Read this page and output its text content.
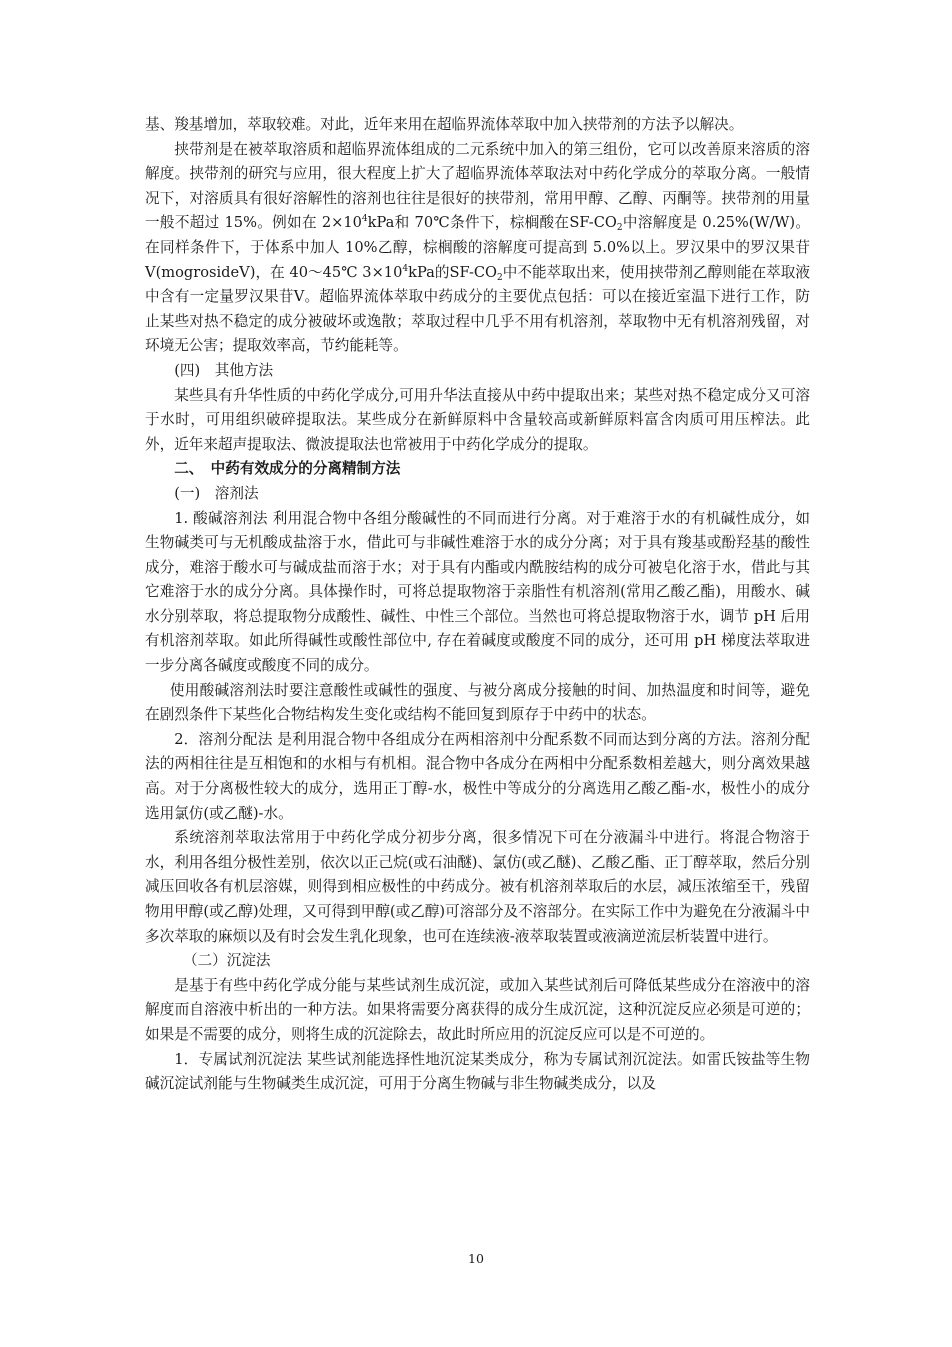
基、羧基增加，萃取较难。对此，近年来用在超临界流体萃取中加入挟带剂的方法予以解决。

挟带剂是在被萃取溶质和超临界流体组成的二元系统中加入的第三组份，它可以改善原来溶质的溶解度。挟带剂的研究与应用，很大程度上扩大了超临界流体萃取法对中药化学成分的萃取分离。一般情况下，对溶质具有很好溶解性的溶剂也往往是很好的挟带剂，常用甲醇、乙醇、丙酮等。挟带剂的用量一般不超过 15%。例如在 $2\times 10^4kPa$和 70℃条件下，棕榈酸在$SF-CO_2$中溶解度是 0.25%(W/W)。在同样条件下，于体系中加人 10%乙醇，棕榈酸的溶解度可提高到 5.0%以上。罗汉果中的罗汉果苷Ⅴ(mogrosideⅤ)，在 40～45℃ $3\times 10^4kPa$的$SF-CO_2$中不能萃取出来，使用挟带剂乙醇则能在萃取液中含有一定量罗汉果苷Ⅴ。超临界流体萃取中药成分的主要优点包括：可以在接近室温下进行工作，防止某些对热不稳定的成分被破坏或逸散；萃取过程中几乎不用有机溶剂，萃取物中无有机溶剂残留，对环境无公害；提取效率高，节约能耗等。

(四)　其他方法

某些具有升华性质的中药化学成分,可用升华法直接从中药中提取出来；某些对热不稳定成分又可溶于水时，可用组织破碎提取法。某些成分在新鲜原料中含量较高或新鲜原料富含肉质可用压榨法。此外，近年来超声提取法、微波提取法也常被用于中药化学成分的提取。

二、　中药有效成分的分离精制方法

(一)　溶剂法

1. 酸碱溶剂法 利用混合物中各组分酸碱性的不同而进行分离。对于难溶于水的有机碱性成分，如生物碱类可与无机酸成盐溶于水，借此可与非碱性难溶于水的成分分离；对于具有羧基或酚羟基的酸性成分，难溶于酸水可与碱成盐而溶于水；对于具有内酯或内酰胺结构的成分可被皂化溶于水，借此与其它难溶于水的成分分离。具体操作时，可将总提取物溶于亲脂性有机溶剂(常用乙酸乙酯)，用酸水、碱水分别萃取，将总提取物分成酸性、碱性、中性三个部位。当然也可将总提取物溶于水，调节 pH 后用有机溶剂萃取。如此所得碱性或酸性部位中, 存在着碱度或酸度不同的成分，还可用 pH 梯度法萃取进一步分离各碱度或酸度不同的成分。

使用酸碱溶剂法时要注意酸性或碱性的强度、与被分离成分接触的时间、加热温度和时间等，避免在剧烈条件下某些化合物结构发生变化或结构不能回复到原存于中药中的状态。

2．溶剂分配法 是利用混合物中各组成分在两相溶剂中分配系数不同而达到分离的方法。溶剂分配法的两相往往是互相饱和的水相与有机相。混合物中各成分在两相中分配系数相差越大，则分离效果越高。对于分离极性较大的成分，选用正丁醇-水，极性中等成分的分离选用乙酸乙酯-水，极性小的成分选用氯仿(或乙醚)-水。

系统溶剂萃取法常用于中药化学成分初步分离，很多情况下可在分液漏斗中进行。将混合物溶于水，利用各组分极性差别，依次以正己烷(或石油醚)、氯仿(或乙醚)、乙酸乙酯、正丁醇萃取，然后分别减压回收各有机层溶媒，则得到相应极性的中药成分。被有机溶剂萃取后的水层，减压浓缩至干，残留物用甲醇(或乙醇)处理，又可得到甲醇(或乙醇)可溶部分及不溶部分。在实际工作中为避免在分液漏斗中多次萃取的麻烦以及有时会发生乳化现象，也可在连续液-液萃取装置或液滴逆流层析装置中进行。

（二）沉淀法

是基于有些中药化学成分能与某些试剂生成沉淀，或加入某些试剂后可降低某些成分在溶液中的溶解度而自溶液中析出的一种方法。如果将需要分离获得的成分生成沉淀，这种沉淀反应必须是可逆的；如果是不需要的成分，则将生成的沉淀除去，故此时所应用的沉淀反应可以是不可逆的。

1．专属试剂沉淀法 某些试剂能选择性地沉淀某类成分，称为专属试剂沉淀法。如雷氏铵盐等生物碱沉淀试剂能与生物碱类生成沉淀，可用于分离生物碱与非生物碱类成分，以及

10
